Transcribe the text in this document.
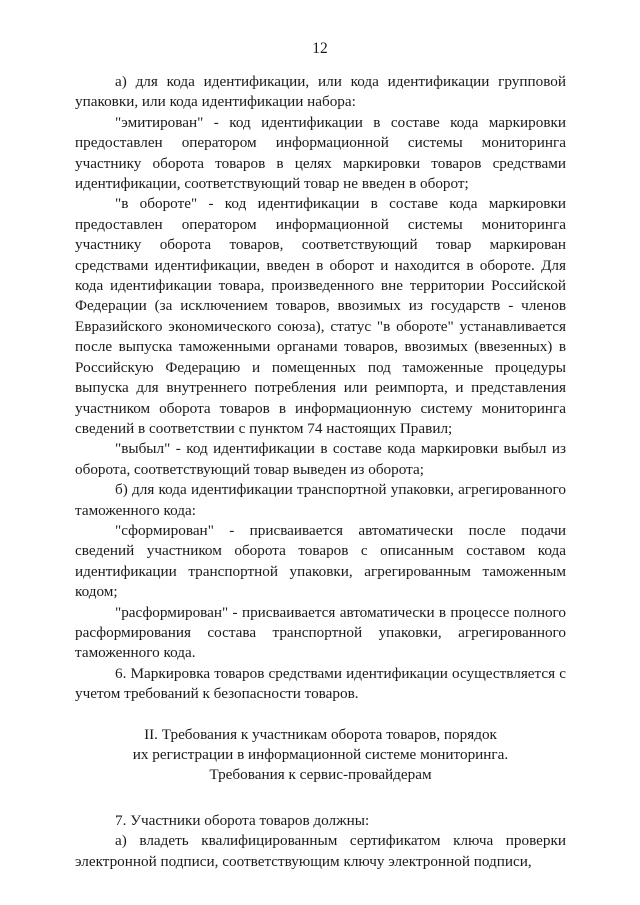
12

а) для кода идентификации, или кода идентификации групповой упаковки, или кода идентификации набора:

"эмитирован" - код идентификации в составе кода маркировки предоставлен оператором информационной системы мониторинга участнику оборота товаров в целях маркировки товаров средствами идентификации, соответствующий товар не введен в оборот;

"в обороте" - код идентификации в составе кода маркировки предоставлен оператором информационной системы мониторинга участнику оборота товаров, соответствующий товар маркирован средствами идентификации, введен в оборот и находится в обороте. Для кода идентификации товара, произведенного вне территории Российской Федерации (за исключением товаров, ввозимых из государств - членов Евразийского экономического союза), статус "в обороте" устанавливается после выпуска таможенными органами товаров, ввозимых (ввезенных) в Российскую Федерацию и помещенных под таможенные процедуры выпуска для внутреннего потребления или реимпорта, и представления участником оборота товаров в информационную систему мониторинга сведений в соответствии с пунктом 74 настоящих Правил;

"выбыл" - код идентификации в составе кода маркировки выбыл из оборота, соответствующий товар выведен из оборота;

б) для кода идентификации транспортной упаковки, агрегированного таможенного кода:

"сформирован" - присваивается автоматически после подачи сведений участником оборота товаров с описанным составом кода идентификации транспортной упаковки, агрегированным таможенным кодом;

"расформирован" - присваивается автоматически в процессе полного расформирования состава транспортной упаковки, агрегированного таможенного кода.

6. Маркировка товаров средствами идентификации осуществляется с учетом требований к безопасности товаров.

II. Требования к участникам оборота товаров, порядок
их регистрации в информационной системе мониторинга.
Требования к сервис-провайдерам

7. Участники оборота товаров должны:

а) владеть квалифицированным сертификатом ключа проверки электронной подписи, соответствующим ключу электронной подписи,
